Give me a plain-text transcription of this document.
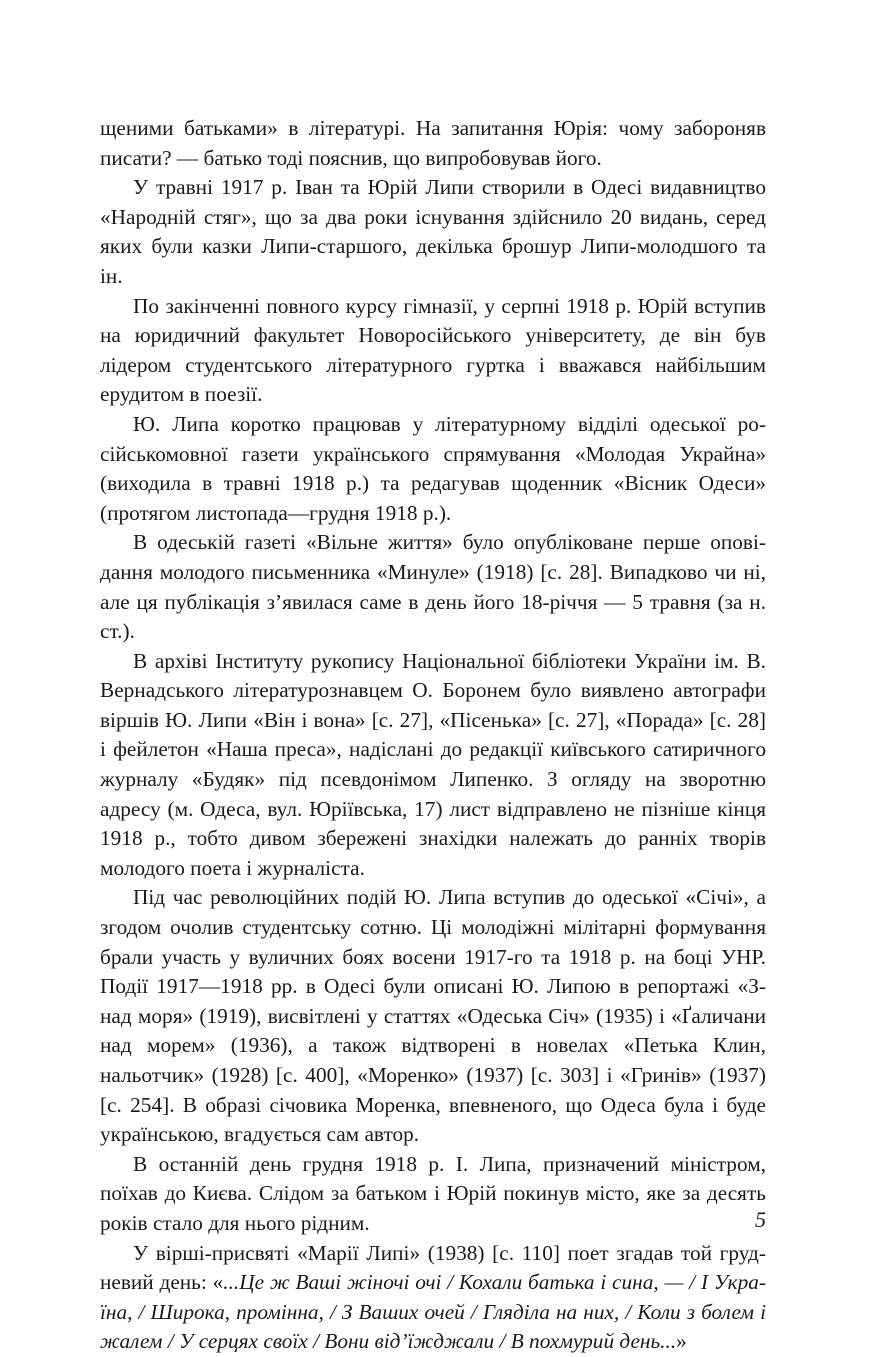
щеними батьками» в літературі. На запитання Юрія: чому забороняв писати? — батько тоді пояснив, що випробовував його.

У травні 1917 р. Іван та Юрій Липи створили в Одесі видавництво «Народній стяг», що за два роки існування здійснило 20 видань, серед яких були казки Липи-старшого, декілька брошур Липи-молодшого та ін.

По закінченні повного курсу гімназії, у серпні 1918 р. Юрій вступив на юридичний факультет Новоросійського університету, де він був лідером студентського літературного гуртка і вважався найбільшим ерудитом в поезії.

Ю. Липа коротко працював у літературному відділі одеської російськомовної газети українського спрямування «Молодая Украйна» (виходила в травні 1918 р.) та редагував щоденник «Вісник Одеси» (протягом листопада—грудня 1918 р.).

В одеській газеті «Вільне життя» було опубліковане перше оповідання молодого письменника «Минуле» (1918) [с. 28]. Випадково чи ні, але ця публікація з’явилася саме в день його 18-річчя — 5 травня (за н. ст.).

В архіві Інституту рукопису Національної бібліотеки України ім. В. Вернадського літературознавцем О. Боронем було виявлено автографи віршів Ю. Липи «Він і вона» [с. 27], «Пісенька» [с. 27], «Порада» [с. 28] і фейлетон «Наша преса», надіслані до редакції київського сатиричного журналу «Будяк» під псевдонімом Липенко. З огляду на зворотню адресу (м. Одеса, вул. Юріївська, 17) лист відправлено не пізніше кінця 1918 р., тобто дивом збережені знахідки належать до ранніх творів молодого поета і журналіста.

Під час революційних подій Ю. Липа вступив до одеської «Січі», а згодом очолив студентську сотню. Ці молодіжні мілітарні формування брали участь у вуличних боях восени 1917-го та 1918 р. на боці УНР. Події 1917—1918 рр. в Одесі були описані Ю. Липою в репортажі «З-над моря» (1919), висвітлені у статтях «Одеська Січ» (1935) і «Ґаличани над морем» (1936), а також відтворені в новелах «Петька Клин, нальотчик» (1928) [с. 400], «Моренко» (1937) [с. 303] і «Гринів» (1937) [с. 254]. В образі січовика Моренка, впевненого, що Одеса була і буде українською, вгадується сам автор.

В останній день грудня 1918 р. І. Липа, призначений міністром, поїхав до Києва. Слідом за батьком і Юрій покинув місто, яке за десять років стало для нього рідним.

У вірші-присвяті «Марії Липі» (1938) [с. 110] поет згадав той грудневий день: «...Це ж Ваші жіночі очі / Кохали батька і сина, — / І Україна, / Широка, промінна, / З Ваших очей / Гляділа на них, / Коли з болем і жалем / У серцях своїх / Вони від’їжджали / В похмурий день...»

5
